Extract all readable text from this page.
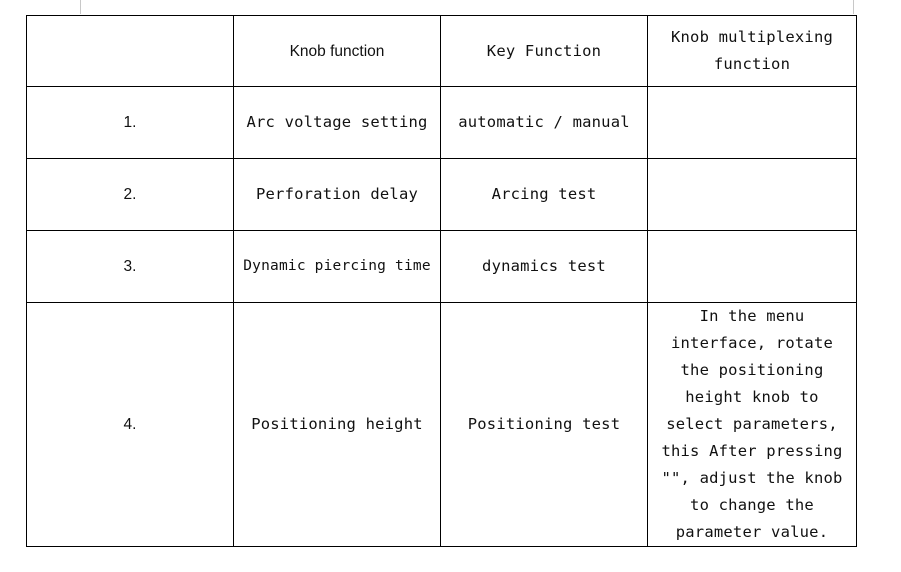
	Knob function	Key Function	Knob multiplexing function
1.	Arc voltage setting	automatic / manual	
2.	Perforation delay	Arcing test	
3.	Dynamic piercing time	dynamics test	
4.	Positioning height	Positioning test	In the menu interface, rotate the positioning height knob to select parameters, this After pressing "", adjust the knob to change the parameter value.
